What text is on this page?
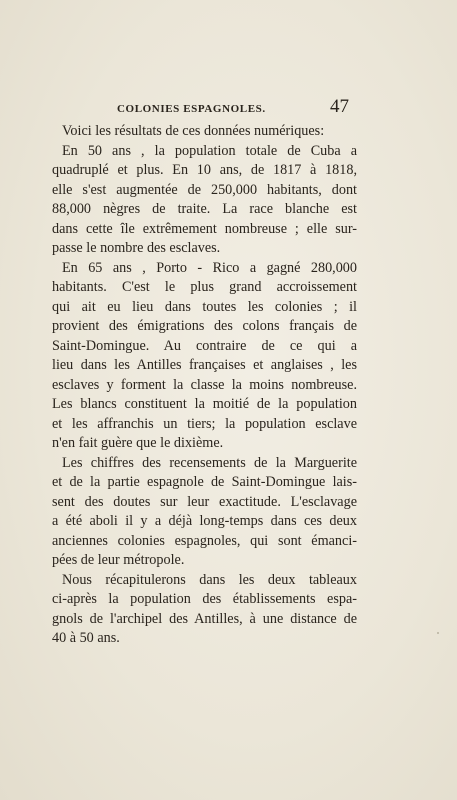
COLONIES ESPAGNOLES.	47
Voici les résultats de ces données numériques:
En 50 ans , la population totale de Cuba a
quadruplé et plus. En 10 ans, de 1817 à 1818,
elle s'est augmentée de 250,000 habitants, dont
88,000 nègres de traite. La race blanche est
dans cette île extrêmement nombreuse ; elle sur-
passe le nombre des esclaves.
En 65 ans , Porto - Rico a gagné 280,000
habitants. C'est le plus grand accroissement
qui ait eu lieu dans toutes les colonies ; il
provient des émigrations des colons français de
Saint-Domingue. Au contraire de ce qui a
lieu dans les Antilles françaises et anglaises , les
esclaves y forment la classe la moins nombreuse.
Les blancs constituent la moitié de la population
et les affranchis un tiers; la population esclave
n'en fait guère que le dixième.
Les chiffres des recensements de la Marguerite
et de la partie espagnole de Saint-Domingue lais-
sent des doutes sur leur exactitude. L'esclavage
a été aboli il y a déjà long-temps dans ces deux
anciennes colonies espagnoles, qui sont émanci-
pées de leur métropole.
Nous récapitulerons dans les deux tableaux
ci-après la population des établissements espa-
gnols de l'archipel des Antilles, à une distance de
40 à 50 ans.
